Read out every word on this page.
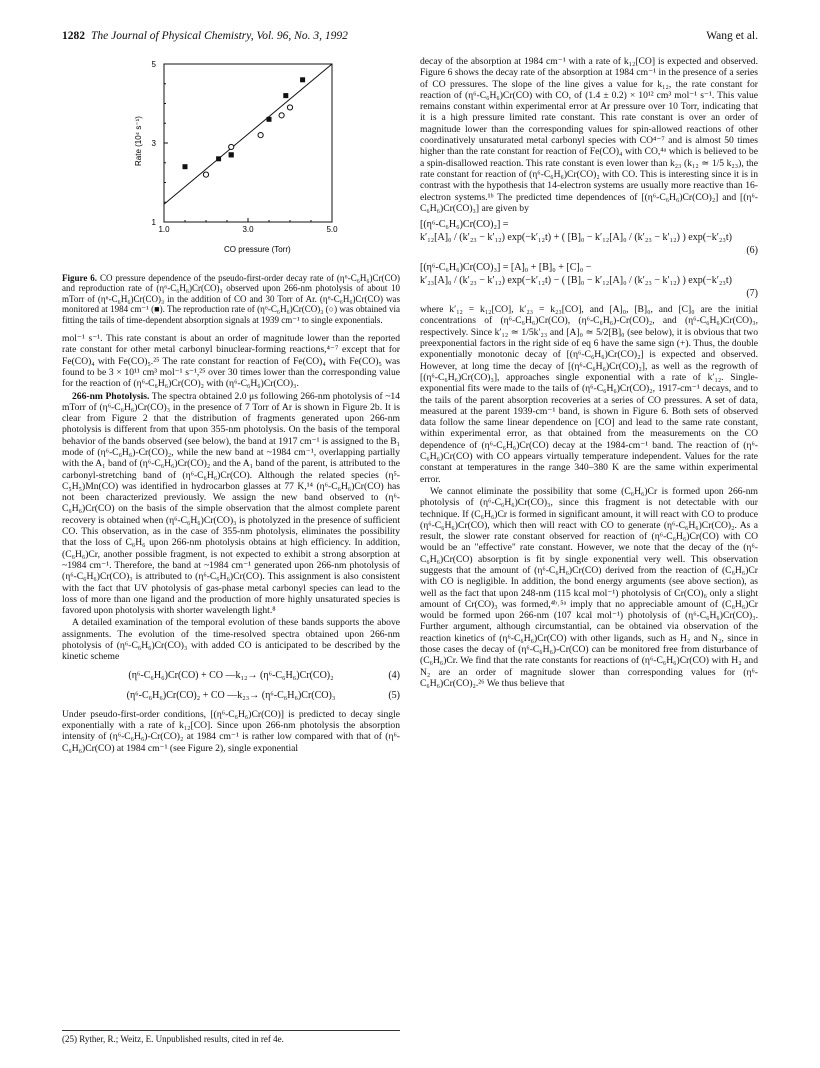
1282 The Journal of Physical Chemistry, Vol. 96, No. 3, 1992	Wang et al.
1
3
5
1.0	3.0	5.0
Rate (10⁴ s⁻¹)
CO pressure (Torr)
Figure 6. CO pressure dependence of the pseudo-first-order decay rate of (η⁶-C₆H₆)Cr(CO) and reproduction rate of (η⁶-C₆H₆)Cr(CO)₃ observed upon 266-nm photolysis of about 10 mTorr of (η⁶-C₆H₆)Cr(CO)₃ in the addition of CO and 30 Torr of Ar. (η⁶-C₆H₆)Cr(CO) was monitored at 1984 cm⁻¹ (■). The reproduction rate of (η⁶-C₆H₆)Cr(CO)₃ (○) was obtained via fitting the tails of time-dependent absorption signals at 1939 cm⁻¹ to single exponentials.

mol⁻¹ s⁻¹. This rate constant is about an order of magnitude lower than the reported rate constant for other metal carbonyl binuclear-forming reactions,⁴⁻⁷ except that for Fe(CO)₄ with Fe(CO)₅.²⁵ The rate constant for reaction of Fe(CO)₄ with Fe(CO)₅ was found to be 3 × 10¹¹ cm³ mol⁻¹ s⁻¹,²⁵ over 30 times lower than the corresponding value for the reaction of (η⁶-C₆H₆)Cr(CO)₂ with (η⁶-C₆H₆)Cr(CO)₃.

266-nm Photolysis. The spectra obtained 2.0 μs following 266-nm photolysis of ~14 mTorr of (η⁶-C₆H₆)Cr(CO)₃ in the presence of 7 Torr of Ar is shown in Figure 2b. It is clear from Figure 2 that the distribution of fragments generated upon 266-nm photolysis is different from that upon 355-nm photolysis. On the basis of the temporal behavior of the bands observed (see below), the band at 1917 cm⁻¹ is assigned to the B₁ mode of (η⁶-C₆H₆)-Cr(CO)₂, while the new band at ~1984 cm⁻¹, overlapping partially with the A₁ band of (η⁶-C₆H₆)Cr(CO)₂ and the A₁ band of the parent, is attributed to the carbonyl-stretching band of (η⁶-C₆H₆)Cr(CO). Although the related species (η⁵-C₅H₅)Mn(CO) was identified in hydrocarbon glasses at 77 K,¹⁴ (η⁶-C₆H₆)Cr(CO) has not been characterized previously. We assign the new band observed to (η⁶-C₆H₆)Cr(CO) on the basis of the simple observation that the almost complete parent recovery is obtained when (η⁶-C₆H₆)Cr(CO)₃ is photolyzed in the presence of sufficient CO. This observation, as in the case of 355-nm photolysis, eliminates the possibility that the loss of C₆H₆ upon 266-nm photolysis obtains at high efficiency. In addition, (C₆H₆)Cr, another possible fragment, is not expected to exhibit a strong absorption at ~1984 cm⁻¹. Therefore, the band at ~1984 cm⁻¹ generated upon 266-nm photolysis of (η⁶-C₆H₆)Cr(CO)₃ is attributed to (η⁶-C₆H₆)Cr(CO). This assignment is also consistent with the fact that UV photolysis of gas-phase metal carbonyl species can lead to the loss of more than one ligand and the production of more highly unsaturated species is favored upon photolysis with shorter wavelength light.⁸

A detailed examination of the temporal evolution of these bands supports the above assignments. The evolution of the time-resolved spectra obtained upon 266-nm photolysis of (η⁶-C₆H₆)Cr(CO)₃ with added CO is anticipated to be described by the kinetic scheme

(η⁶-C₆H₆)Cr(CO) + CO —k₁₂→ (η⁶-C₆H₆)Cr(CO)₂	(4)
(η⁶-C₆H₆)Cr(CO)₂ + CO —k₂₃→ (η⁶-C₆H₆)Cr(CO)₃	(5)

Under pseudo-first-order conditions, [(η⁶-C₆H₆)Cr(CO)] is predicted to decay single exponentially with a rate of k₁₂[CO]. Since upon 266-nm photolysis the absorption intensity of (η⁶-C₆H₆)-Cr(CO)₂ at 1984 cm⁻¹ is rather low compared with that of (η⁶-C₆H₆)Cr(CO) at 1984 cm⁻¹ (see Figure 2), single exponential

(25) Ryther, R.; Weitz, E. Unpublished results, cited in ref 4e.

decay of the absorption at 1984 cm⁻¹ with a rate of k₁₂[CO] is expected and observed. Figure 6 shows the decay rate of the absorption at 1984 cm⁻¹ in the presence of a series of CO pressures. The slope of the line gives a value for k₁₂, the rate constant for reaction of (η⁶-C₆H₆)Cr(CO) with CO, of (1.4 ± 0.2) × 10¹² cm³ mol⁻¹ s⁻¹. This value remains constant within experimental error at Ar pressure over 10 Torr, indicating that it is a high pressure limited rate constant. This rate constant is over an order of magnitude lower than the corresponding values for spin-allowed reactions of other coordinatively unsaturated metal carbonyl species with CO⁴⁻⁷ and is almost 50 times higher than the rate constant for reaction of Fe(CO)₄ with CO,⁴ᵃ which is believed to be a spin-disallowed reaction. This rate constant is even lower than k₂₃ (k₁₂ ≃ 1/5 k₂₃), the rate constant for reaction of (η⁶-C₆H₆)Cr(CO)₂ with CO. This is interesting since it is in contrast with the hypothesis that 14-electron systems are usually more reactive than 16-electron systems.¹ᵇ The predicted time dependences of [(η⁶-C₆H₆)Cr(CO)₂] and [(η⁶-C₆H₆)Cr(CO)₃] are given by

[(η⁶-C₆H₆)Cr(CO)₂] =
k′₁₂[A]₀ / (k′₂₃ − k′₁₂) exp(−k′₁₂t) + ( [B]₀ − k′₁₂[A]₀ / (k′₂₃ − k′₁₂) ) exp(−k′₂₃t)
(6)
[(η⁶-C₆H₆)Cr(CO)₃] = [A]₀ + [B]₀ + [C]₀ −
k′₂₃[A]₀ / (k′₂₃ − k′₁₂) exp(−k′₁₂t) − ( [B]₀ − k′₁₂[A]₀ / (k′₂₃ − k′₁₂) ) exp(−k′₂₃t)
(7)

where k′₁₂ = k₁₂[CO], k′₂₃ = k₂₃[CO], and [A]₀, [B]₀, and [C]₀ are the initial concentrations of (η⁶-C₆H₆)Cr(CO), (η⁶-C₆H₆)-Cr(CO)₂, and (η⁶-C₆H₆)Cr(CO)₃, respectively. Since k′₁₂ ≃ 1/5k′₂₃ and [A]₀ ≃ 5/2[B]₀ (see below), it is obvious that two preexponential factors in the right side of eq 6 have the same sign (+). Thus, the double exponentially monotonic decay of [(η⁶-C₆H₆)Cr(CO)₂] is expected and observed. However, at long time the decay of [(η⁶-C₆H₆)Cr(CO)₂], as well as the regrowth of [(η⁶-C₆H₆)Cr(CO)₃], approaches single exponential with a rate of k′₁₂. Single-exponential fits were made to the tails of (η⁶-C₆H₆)Cr(CO)₂, 1917-cm⁻¹ decays, and to the tails of the parent absorption recoveries at a series of CO pressures. A set of data, measured at the parent 1939-cm⁻¹ band, is shown in Figure 6. Both sets of observed data follow the same linear dependence on [CO] and lead to the same rate constant, within experimental error, as that obtained from the measurements on the CO dependence of (η⁶-C₆H₆)Cr(CO) decay at the 1984-cm⁻¹ band. The reaction of (η⁶-C₆H₆)Cr(CO) with CO appears virtually temperature independent. Values for the rate constant at temperatures in the range 340–380 K are the same within experimental error.

We cannot eliminate the possibility that some (C₆H₆)Cr is formed upon 266-nm photolysis of (η⁶-C₆H₆)Cr(CO)₃, since this fragment is not detectable with our technique. If (C₆H₆)Cr is formed in significant amount, it will react with CO to produce (η⁶-C₆H₆)Cr(CO), which then will react with CO to generate (η⁶-C₆H₆)Cr(CO)₂. As a result, the slower rate constant observed for reaction of (η⁶-C₆H₆)Cr(CO) with CO would be an "effective" rate constant. However, we note that the decay of the (η⁶-C₆H₆)Cr(CO) absorption is fit by single exponential very well. This observation suggests that the amount of (η⁶-C₆H₆)Cr(CO) derived from the reaction of (C₆H₆)Cr with CO is negligible. In addition, the bond energy arguments (see above section), as well as the fact that upon 248-nm (115 kcal mol⁻¹) photolysis of Cr(CO)₆ only a slight amount of Cr(CO)₃ was formed,⁴ᵇ˒⁵ᵃ imply that no appreciable amount of (C₆H₆)Cr would be formed upon 266-nm (107 kcal mol⁻¹) photolysis of (η⁶-C₆H₆)Cr(CO)₃. Further argument, although circumstantial, can be obtained via observation of the reaction kinetics of (η⁶-C₆H₆)Cr(CO) with other ligands, such as H₂ and N₂, since in those cases the decay of (η⁶-C₆H₆)-Cr(CO) can be monitored free from disturbance of (C₆H₆)Cr. We find that the rate constants for reactions of (η⁶-C₆H₆)Cr(CO) with H₂ and N₂ are an order of magnitude slower than corresponding values for (η⁶-C₆H₆)Cr(CO)₂.²⁶ We thus believe that
